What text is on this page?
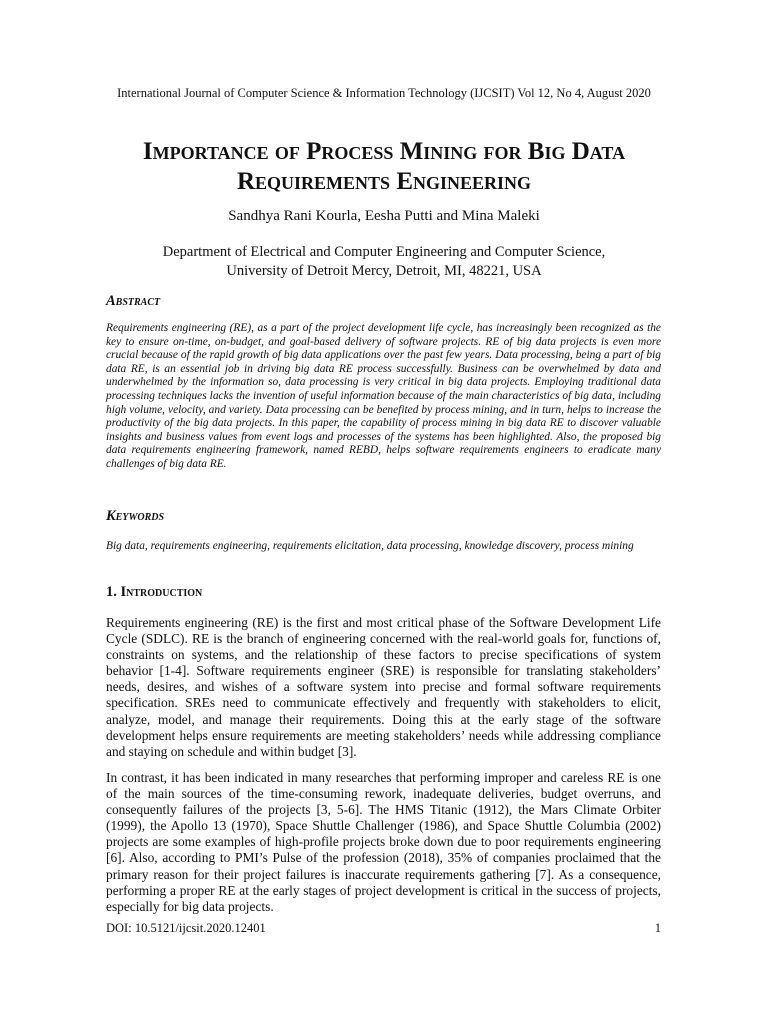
International Journal of Computer Science & Information Technology (IJCSIT) Vol 12, No 4, August 2020
Importance of Process Mining for Big Data
Requirements Engineering
Sandhya Rani Kourla, Eesha Putti and Mina Maleki
Department of Electrical and Computer Engineering and Computer Science,
University of Detroit Mercy, Detroit, MI, 48221, USA
Abstract
Requirements engineering (RE), as a part of the project development life cycle, has increasingly been recognized as the key to ensure on-time, on-budget, and goal-based delivery of software projects. RE of big data projects is even more crucial because of the rapid growth of big data applications over the past few years. Data processing, being a part of big data RE, is an essential job in driving big data RE process successfully. Business can be overwhelmed by data and underwhelmed by the information so, data processing is very critical in big data projects. Employing traditional data processing techniques lacks the invention of useful information because of the main characteristics of big data, including high volume, velocity, and variety. Data processing can be benefited by process mining, and in turn, helps to increase the productivity of the big data projects. In this paper, the capability of process mining in big data RE to discover valuable insights and business values from event logs and processes of the systems has been highlighted. Also, the proposed big data requirements engineering framework, named REBD, helps software requirements engineers to eradicate many challenges of big data RE.
Keywords
Big data, requirements engineering, requirements elicitation, data processing, knowledge discovery, process mining
1. Introduction
Requirements engineering (RE) is the first and most critical phase of the Software Development Life Cycle (SDLC). RE is the branch of engineering concerned with the real-world goals for, functions of, constraints on systems, and the relationship of these factors to precise specifications of system behavior [1-4]. Software requirements engineer (SRE) is responsible for translating stakeholders’ needs, desires, and wishes of a software system into precise and formal software requirements specification. SREs need to communicate effectively and frequently with stakeholders to elicit, analyze, model, and manage their requirements. Doing this at the early stage of the software development helps ensure requirements are meeting stakeholders’ needs while addressing compliance and staying on schedule and within budget [3].
In contrast, it has been indicated in many researches that performing improper and careless RE is one of the main sources of the time-consuming rework, inadequate deliveries, budget overruns, and consequently failures of the projects [3, 5-6]. The HMS Titanic (1912), the Mars Climate Orbiter (1999), the Apollo 13 (1970), Space Shuttle Challenger (1986), and Space Shuttle Columbia (2002) projects are some examples of high-profile projects broke down due to poor requirements engineering [6]. Also, according to PMI’s Pulse of the profession (2018), 35% of companies proclaimed that the primary reason for their project failures is inaccurate requirements gathering [7]. As a consequence, performing a proper RE at the early stages of project development is critical in the success of projects, especially for big data projects.
DOI: 10.5121/ijcsit.2020.12401	1
